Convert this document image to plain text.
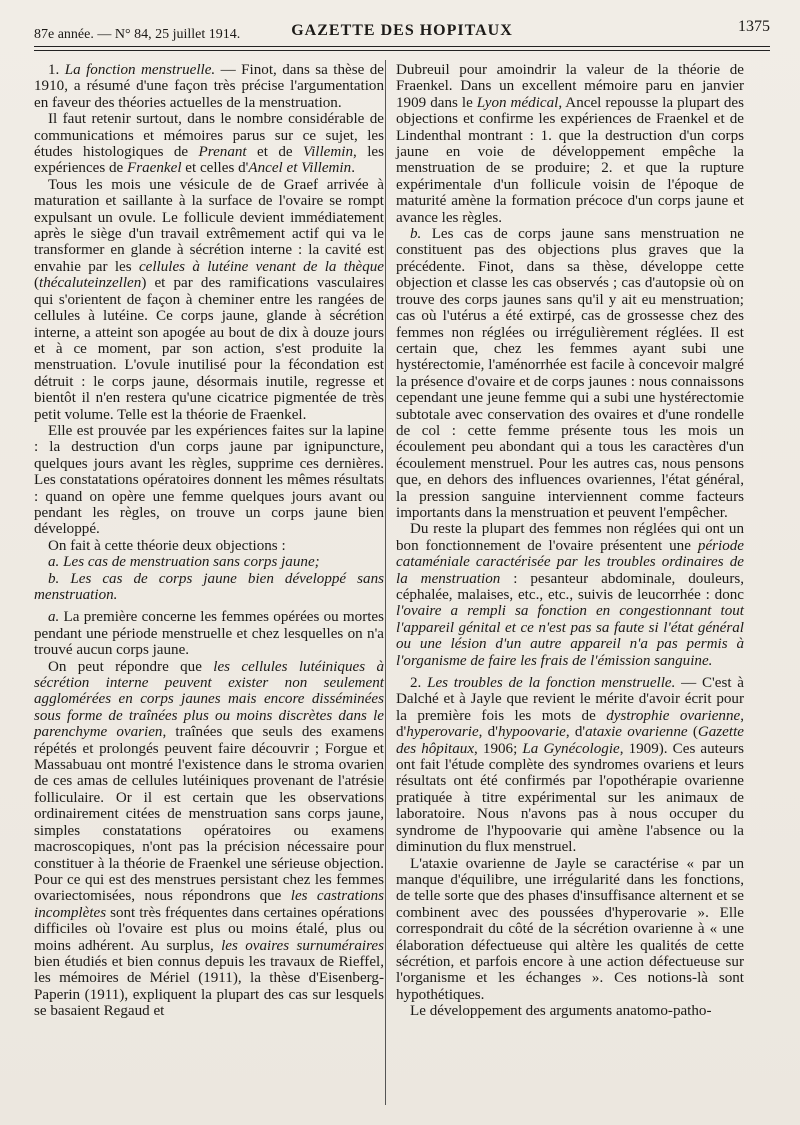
87e année. — N° 84, 25 juillet 1914.	GAZETTE DES HOPITAUX	1375

1. La fonction menstruelle. — Finot, dans sa thèse de 1910, a résumé d'une façon très précise l'argumentation en faveur des théories actuelles de la menstruation.

Il faut retenir surtout, dans le nombre considérable de communications et mémoires parus sur ce sujet, les études histologiques de Prenant et de Villemin, les expériences de Fraenkel et celles d'Ancel et Villemin.

Tous les mois une vésicule de de Graef arrivée à maturation et saillante à la surface de l'ovaire se rompt expulsant un ovule. Le follicule devient immédiatement après le siège d'un travail extrêmement actif qui va le transformer en glande à sécrétion interne : la cavité est envahie par les cellules à lutéine venant de la thèque (thécaluteinzellen) et par des ramifications vasculaires qui s'orientent de façon à cheminer entre les rangées de cellules à lutéine. Ce corps jaune, glande à sécrétion interne, a atteint son apogée au bout de dix à douze jours et à ce moment, par son action, s'est produite la menstruation. L'ovule inutilisé pour la fécondation est détruit : le corps jaune, désormais inutile, regresse et bientôt il n'en restera qu'une cicatrice pigmentée de très petit volume. Telle est la théorie de Fraenkel.

Elle est prouvée par les expériences faites sur la lapine : la destruction d'un corps jaune par ignipuncture, quelques jours avant les règles, supprime ces dernières. Les constatations opératoires donnent les mêmes résultats : quand on opère une femme quelques jours avant ou pendant les règles, on trouve un corps jaune bien développé.

On fait à cette théorie deux objections :

a. Les cas de menstruation sans corps jaune;

b. Les cas de corps jaune bien développé sans menstruation.

a. La première concerne les femmes opérées ou mortes pendant une période menstruelle et chez lesquelles on n'a trouvé aucun corps jaune.

On peut répondre que les cellules lutéiniques à sécrétion interne peuvent exister non seulement agglomérées en corps jaunes mais encore disséminées sous forme de traînées plus ou moins discrètes dans le parenchyme ovarien, traînées que seuls des examens répétés et prolongés peuvent faire découvrir ; Forgue et Massabuau ont montré l'existence dans le stroma ovarien de ces amas de cellules lutéiniques provenant de l'atrésie folliculaire. Or il est certain que les observations ordinairement citées de menstruation sans corps jaune, simples constatations opératoires ou examens macroscopiques, n'ont pas la précision nécessaire pour constituer à la théorie de Fraenkel une sérieuse objection. Pour ce qui est des menstrues persistant chez les femmes ovariectomisées, nous répondrons que les castrations incomplètes sont très fréquentes dans certaines opérations difficiles où l'ovaire est plus ou moins étalé, plus ou moins adhérent. Au surplus, les ovaires surnuméraires bien étudiés et bien connus depuis les travaux de Rieffel, les mémoires de Mériel (1911), la thèse d'Eisenberg-Paperin (1911), expliquent la plupart des cas sur lesquels se basaient Regaud et

Dubreuil pour amoindrir la valeur de la théorie de Fraenkel. Dans un excellent mémoire paru en janvier 1909 dans le Lyon médical, Ancel repousse la plupart des objections et confirme les expériences de Fraenkel et de Lindenthal montrant : 1. que la destruction d'un corps jaune en voie de développement empêche la menstruation de se produire; 2. et que la rupture expérimentale d'un follicule voisin de l'époque de maturité amène la formation précoce d'un corps jaune et avance les règles.

b. Les cas de corps jaune sans menstruation ne constituent pas des objections plus graves que la précédente. Finot, dans sa thèse, développe cette objection et classe les cas observés ; cas d'autopsie où on trouve des corps jaunes sans qu'il y ait eu menstruation; cas où l'utérus a été extirpé, cas de grossesse chez des femmes non réglées ou irrégulièrement réglées. Il est certain que, chez les femmes ayant subi une hystérectomie, l'aménorrhée est facile à concevoir malgré la présence d'ovaire et de corps jaunes : nous connaissons cependant une jeune femme qui a subi une hystérectomie subtotale avec conservation des ovaires et d'une rondelle de col : cette femme présente tous les mois un écoulement peu abondant qui a tous les caractères d'un écoulement menstruel. Pour les autres cas, nous pensons que, en dehors des influences ovariennes, l'état général, la pression sanguine interviennent comme facteurs importants dans la menstruation et peuvent l'empêcher.

Du reste la plupart des femmes non réglées qui ont un bon fonctionnement de l'ovaire présentent une période cataméniale caractérisée par les troubles ordinaires de la menstruation : pesanteur abdominale, douleurs, céphalée, malaises, etc., etc., suivis de leucorrhée : donc l'ovaire a rempli sa fonction en congestionnant tout l'appareil génital et ce n'est pas sa faute si l'état général ou une lésion d'un autre appareil n'a pas permis à l'organisme de faire les frais de l'émission sanguine.

2. Les troubles de la fonction menstruelle. — C'est à Dalché et à Jayle que revient le mérite d'avoir écrit pour la première fois les mots de dystrophie ovarienne, d'hyperovarie, d'hypoovarie, d'ataxie ovarienne (Gazette des hôpitaux, 1906; La Gynécologie, 1909). Ces auteurs ont fait l'étude complète des syndromes ovariens et leurs résultats ont été confirmés par l'opothérapie ovarienne pratiquée à titre expérimental sur les animaux de laboratoire. Nous n'avons pas à nous occuper du syndrome de l'hypoovarie qui amène l'absence ou la diminution du flux menstruel.

L'ataxie ovarienne de Jayle se caractérise « par un manque d'équilibre, une irrégularité dans les fonctions, de telle sorte que des phases d'insuffisance alternent et se combinent avec des poussées d'hyperovarie ». Elle correspondrait du côté de la sécrétion ovarienne à « une élaboration défectueuse qui altère les qualités de cette sécrétion, et parfois encore à une action défectueuse sur l'organisme et les échanges ». Ces notions-là sont hypothétiques.

Le développement des arguments anatomo-patho-
